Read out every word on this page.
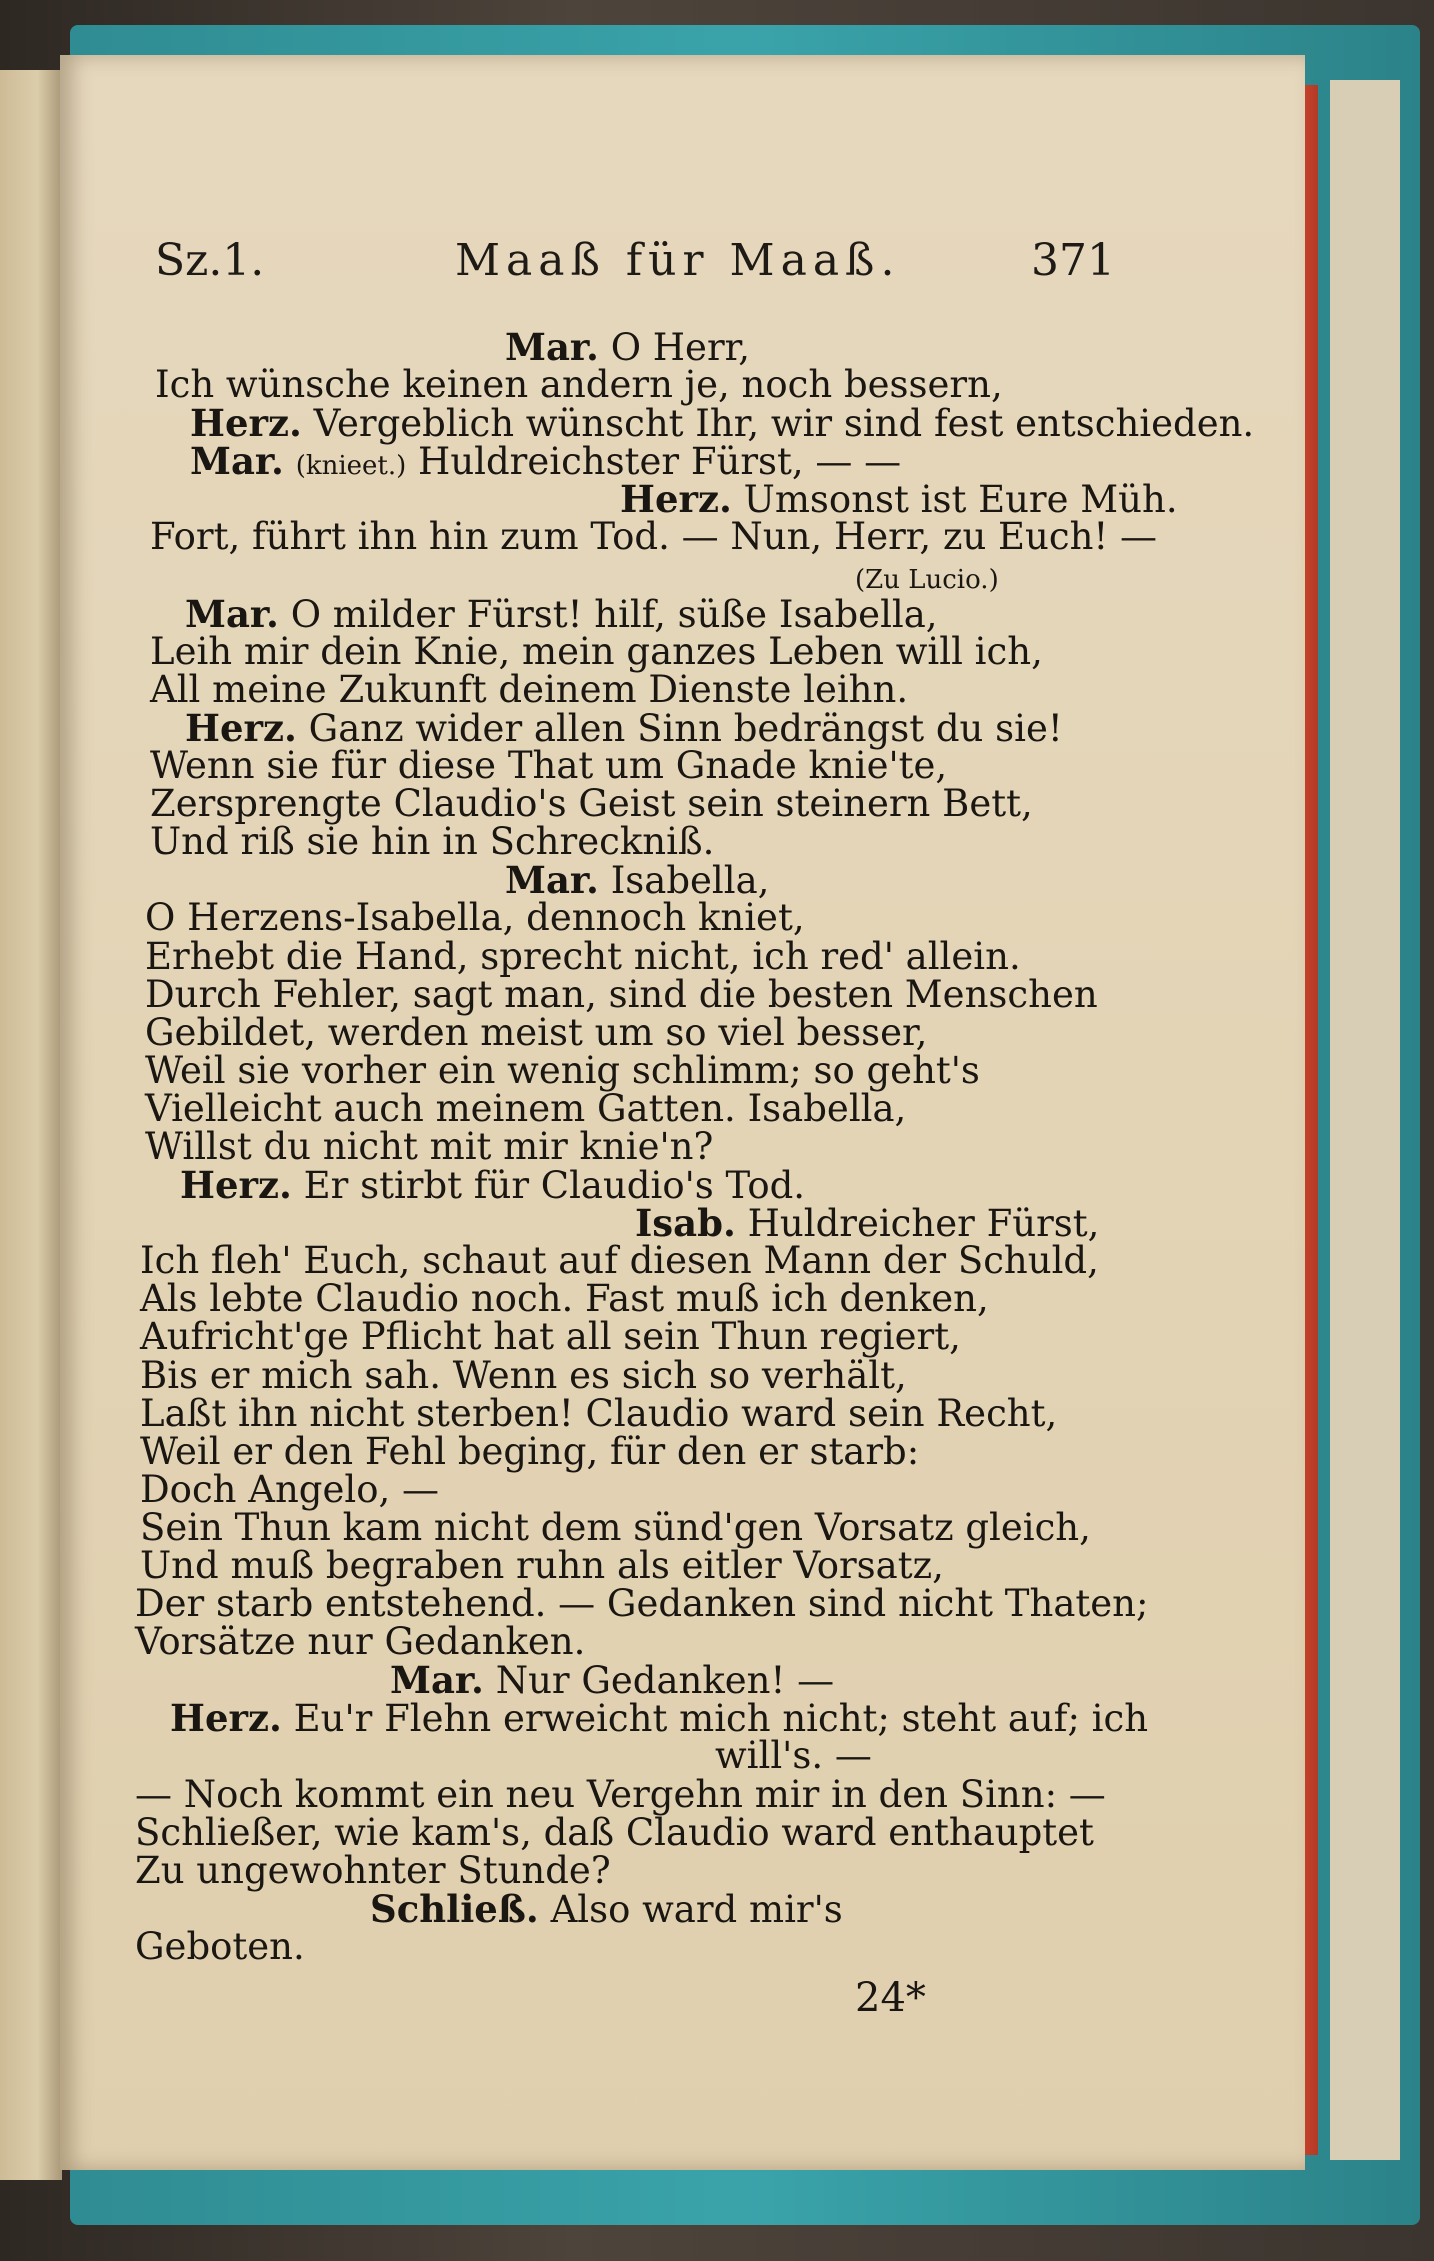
Sz.1.	Maaß für Maaß.	371
Mar. O Herr,
Ich wünsche keinen andern je, noch bessern,
Herz. Vergeblich wünscht Ihr, wir sind fest entschieden.
Mar. (knieet.) Huldreichster Fürst, — —
Herz. Umsonst ist Eure Müh.
Fort, führt ihn hin zum Tod. — Nun, Herr, zu Euch! —
(Zu Lucio.)
Mar. O milder Fürst! hilf, süße Isabella,
Leih mir dein Knie, mein ganzes Leben will ich,
All meine Zukunft deinem Dienste leihn.
Herz. Ganz wider allen Sinn bedrängst du sie!
Wenn sie für diese That um Gnade knie'te,
Zersprengte Claudio's Geist sein steinern Bett,
Und riß sie hin in Schreckniß.
Mar. Isabella,
O Herzens-Isabella, dennoch kniet,
Erhebt die Hand, sprecht nicht, ich red' allein.
Durch Fehler, sagt man, sind die besten Menschen
Gebildet, werden meist um so viel besser,
Weil sie vorher ein wenig schlimm; so geht's
Vielleicht auch meinem Gatten. Isabella,
Willst du nicht mit mir knie'n?
Herz. Er stirbt für Claudio's Tod.
Isab. Huldreicher Fürst,
Ich fleh' Euch, schaut auf diesen Mann der Schuld,
Als lebte Claudio noch. Fast muß ich denken,
Aufricht'ge Pflicht hat all sein Thun regiert,
Bis er mich sah. Wenn es sich so verhält,
Laßt ihn nicht sterben! Claudio ward sein Recht,
Weil er den Fehl beging, für den er starb:
Doch Angelo, —
Sein Thun kam nicht dem sünd'gen Vorsatz gleich,
Und muß begraben ruhn als eitler Vorsatz,
Der starb entstehend. — Gedanken sind nicht Thaten;
Vorsätze nur Gedanken.
Mar. Nur Gedanken! —
Herz. Eu'r Flehn erweicht mich nicht; steht auf; ich
will's. —
— Noch kommt ein neu Vergehn mir in den Sinn: —
Schließer, wie kam's, daß Claudio ward enthauptet
Zu ungewohnter Stunde?
Schließ. Also ward mir's
Geboten.
24*
